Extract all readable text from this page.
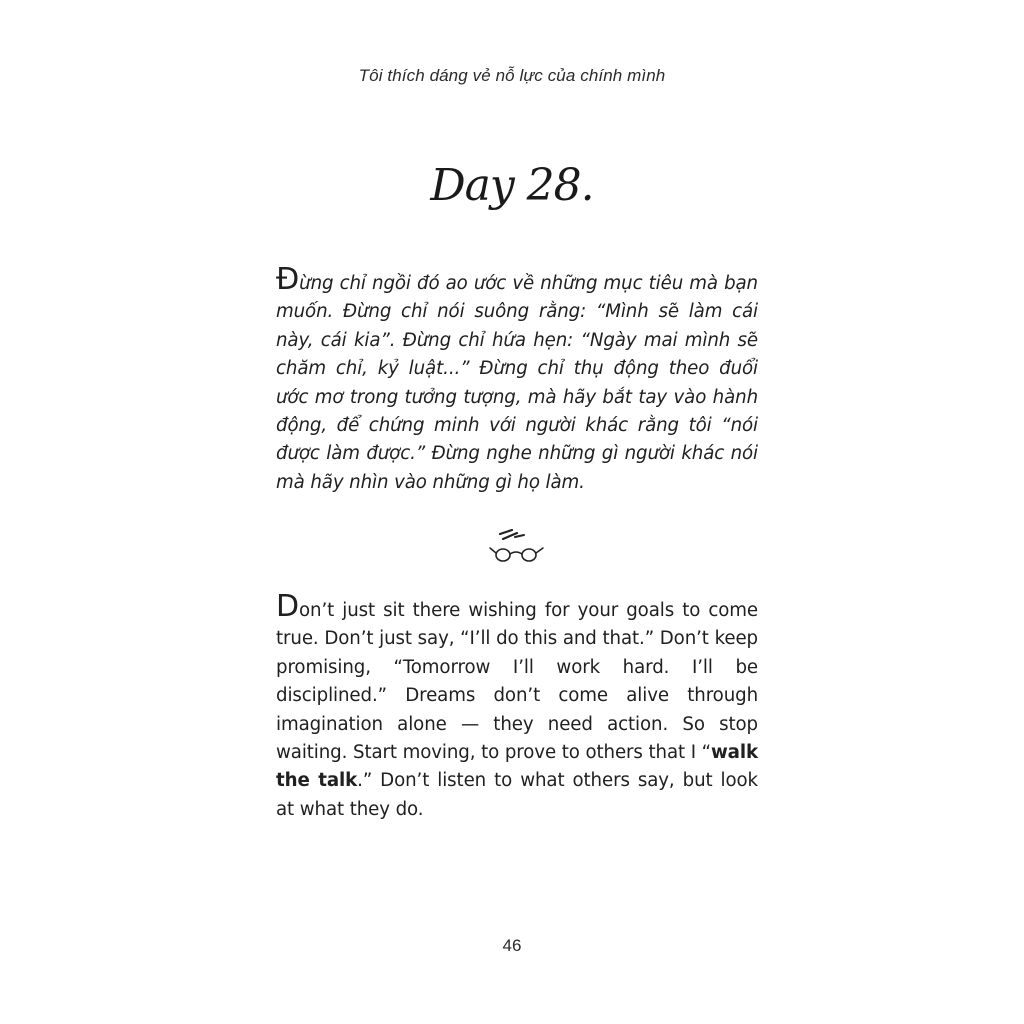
Tôi thích dáng vẻ nỗ lực của chính mình
Day 28.
Đừng chỉ ngồi đó ao ước về những mục tiêu mà bạn muốn. Đừng chỉ nói suông rằng: “Mình sẽ làm cái này, cái kia”. Đừng chỉ hứa hẹn: “Ngày mai mình sẽ chăm chỉ, kỷ luật...” Đừng chỉ thụ động theo đuổi ước mơ trong tưởng tượng, mà hãy bắt tay vào hành động, để chứng minh với người khác rằng tôi “nói được làm được.” Đừng nghe những gì người khác nói mà hãy nhìn vào những gì họ làm.
Don’t just sit there wishing for your goals to come true. Don’t just say, “I’ll do this and that.” Don’t keep promising, “Tomorrow I’ll work hard. I’ll be disciplined.” Dreams don’t come alive through imagination alone — they need action. So stop waiting. Start moving, to prove to others that I “walk the talk.” Don’t listen to what others say, but look at what they do.
46
